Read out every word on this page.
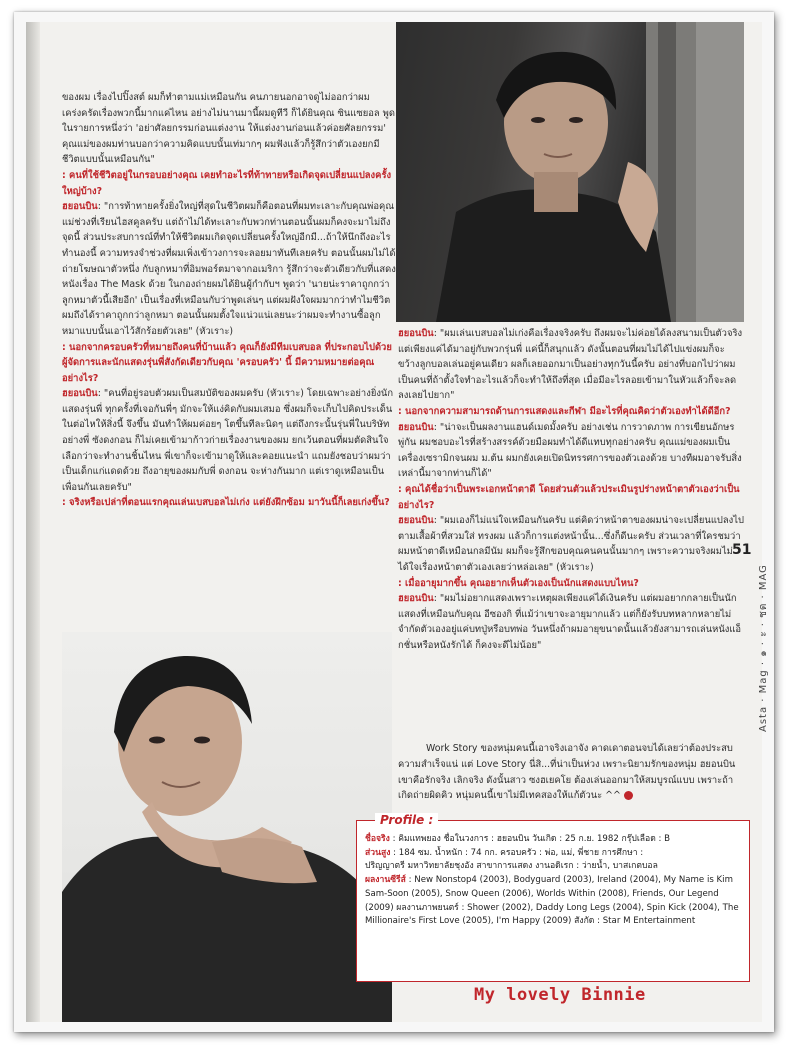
ของผม เรื่องไปปิ๊งสต์ ผมก็ทำตามแม่เหมือนกัน คนภายนอกอาจดูไม่ออกว่าผมเคร่งครัดเรื่องพวกนี้มากแค่ไหน อย่างไม่นานมานี้ผมดูทีวี ก็ได้ยินคุณ ซินแซยอล พูดในรายการหนึ่งว่า 'อย่าศัลยกรรมก่อนแต่งงาน ให้แต่งงานก่อนแล้วค่อยศัลยกรรม' คุณแม่ของผมท่านบอกว่าความคิดแบบนั้นเท่มากๆ ผมฟังแล้วก็รู้สึกว่าตัวเองยกมีชีวิตแบบนั้นเหมือนกัน"

: คนที่ใช้ชีวิตอยู่ในกรอบอย่างคุณ เคยทำอะไรที่ท้าทายหรือเกิดจุดเปลี่ยนแปลงครั้งใหญ่บ้าง?

ฮยอนบิน: "การท้าทายครั้งยิ่งใหญ่ที่สุดในชีวิตผมก็คือตอนที่ผมทะเลาะกับคุณพ่อคุณแม่ช่วงที่เรียนไฮสคูลครับ แต่ถ้าไม่ได้ทะเลาะกับพวกท่านตอนนั้นผมก็คงจะมาไม่ถึงจุดนี้ ส่วนประสบการณ์ที่ทำให้ชีวิตผมเกิดจุดเปลี่ยนครั้งใหญ่อีกมี...ถ้าให้นึกถึงอะไรทำนองนี้ ความทรงจำช่วงที่ผมเพิ่งเข้าวงการจะลอยมาทันทีเลยครับ ตอนนั้นผมไม่ได้ถ่ายโฆษณาตัวหนึ่ง กับลูกหมาที่อิมพอร์ตมาจากอเมริกา รู้สึกว่าจะตัวเดียวกับที่แสดงหนังเรื่อง The Mask ด้วย ในกองถ่ายผมได้ยินผู้กำกับฯ พูดว่า 'นายน่ะราคาถูกกว่าลูกหมาตัวนี้เสียอีก' เป็นเรื่องที่เหมือนกับว่าพูดเล่นๆ แต่ผมฝังใจผมมากว่าทำไมชีวิตผมถึงได้ราคาถูกกว่าลูกหมา ตอนนั้นผมตั้งใจแน่วแน่เลยนะว่าผมจะทำงานซื้อลูกหมาแบบนั้นเอาไว้สักร้อยตัวเลย" (หัวเราะ)

: นอกจากครอบครัวที่หมายถึงคนที่บ้านแล้ว คุณก็ยังมีทีมเบสบอล ที่ประกอบไปด้วยผู้จัดการและนักแสดงรุ่นพี่สังกัดเดียวกับคุณ 'ครอบครัว' นี้ มีความหมายต่อคุณอย่างไร?

ฮยอนบิน: "คนที่อยู่รอบตัวผมเป็นสมบัติของผมครับ (หัวเราะ) โดยเฉพาะอย่างยิ่งนักแสดงรุ่นพี่ ทุกครั้งที่เจอกันพี่ๆ มักจะให้แง่คิดกับผมเสมอ ซึ่งผมก็จะเก็บไปคิดประเด็นในต่อไหให้สิ่งนี้ จึงขึ้น มันทำให้ผมค่อยๆ โตขึ้นทีละนิดๆ แต่ถึงกระนั้นรุ่นพี่ในบริษัทอย่างพี่ ซังดงกอน ก็ไม่เคยเข้ามาก้าวก่ายเรื่องงานของผม ยกเว้นตอนที่ผมตัดสินใจเลือกว่าจะทำงานชิ้นไหน พี่เขาก็จะเข้ามาดูให้และคอยแนะนำ แถมยังชอบว่าผมว่าเป็นเด็กแก่แดดด้วย ถึงอายุของผมกับพี่ ดงกอน จะห่างกันมาก แต่เราดูเหมือนเป็นเพื่อนกันเลยครับ"

: จริงหรือเปล่าที่ตอนแรกคุณเล่นเบสบอลไม่เก่ง แต่ยังฝึกซ้อม มาวันนี้ก็เลยเก่งขึ้น?

ฮยอนบิน: "ผมเล่นเบสบอลไม่เก่งคือเรื่องจริงครับ ถึงผมจะไม่ค่อยได้ลงสนามเป็นตัวจริง แต่เพียงแค่ได้มาอยู่กับพวกรุ่นพี่ แค่นี้ก็สนุกแล้ว ดังนั้นตอนที่ผมไม่ได้ไปแข่งผมก็จะขว้างลูกบอลเล่นอยู่คนเดียว ผลก็เลยออกมาเป็นอย่างทุกวันนี้ครับ อย่างที่บอกไปว่าผมเป็นคนที่ถ้าตั้งใจทำอะไรแล้วก็จะทำให้ถึงที่สุด เมื่อมีอะไรลอยเข้ามาในหัวแล้วก็จะลดลงเลยไปยาก"

: นอกจากความสามารถด้านการแสดงและกีฬา มีอะไรที่คุณคิดว่าตัวเองทำได้ดีอีก?

ฮยอนบิน: "น่าจะเป็นผลงานแฮนด์เมดมั้งครับ อย่างเช่น การวาดภาพ การเขียนอักษรพู่กัน ผมชอบอะไรที่สร้างสรรค์ด้วยมือผมทำได้ดีแทบทุกอย่างครับ คุณแม่ของผมเป็นเครื่องเซรามิกจนผม ม.ต้น ผมกยังเคยเปิดนิทรรศการของตัวเองด้วย บางทีผมอาจรับสิ่งเหล่านี้มาจากท่านก็ได้"

: คุณได้ชื่อว่าเป็นพระเอกหน้าตาดี โดยส่วนตัวแล้วประเมินรูปร่างหน้าตาตัวเองว่าเป็นอย่างไร?

ฮยอนบิน: "ผมเองก็ไม่แน่ใจเหมือนกันครับ แต่คิดว่าหน้าตาของผมน่าจะเปลี่ยนแปลงไปตามเสื้อผ้าที่สวมใส่ ทรงผม แล้วก็การแต่งหน้านั้น...ซึ่งก็ดีนะครับ ส่วนเวลาที่ใครชมว่าผมหน้าตาดีเหมือนกลมีนัม ผมก็จะรู้สึกขอบคุณคนคนนั้นมากๆ เพราะความจริงผมไม่ได้ใจเรื่องหน้าตาตัวเองเลยว่าหล่อเลย" (หัวเราะ)

: เมื่ออายุมากขึ้น คุณอยากเห็นตัวเองเป็นนักแสดงแบบไหน?

ฮยอนบิน: "ผมไม่อยากแสดงเพราะเหตุผลเพียงแค่ได้เงินครับ แต่ผมอยากกลายเป็นนักแสดงที่เหมือนกับคุณ อีซองกิ ที่แม้ว่าเขาจะอายุมากแล้ว แต่ก็ยังรับบทหลากหลายไม่จำกัดตัวเองอยู่แค่บทปู่หรือบทพ่อ วันหนึ่งถ้าผมอายุขนาดนั้นแล้วยังสามารถเล่นหนังแอ็กชั่นหรือหนังรักได้ ก็คงจะดีไม่น้อย"	Asta · Mag · ๑ · ะ · ชด · MAG
51

Work Story ของหนุ่มคนนี้เอาจริงเอาจัง คาดเดาตอนจบได้เลยว่าต้องประสบความสำเร็จแน่ แต่ Love Story นี่สิ...ที่น่าเป็นห่วง เพราะนิยามรักของหนุ่ม ฮยอนบิน เขาคือรักจริง เลิกจริง ดังนั้นสาว ซงฮเยคโย ต้องเล่นออกมาให้สมบูรณ์แบบ เพราะถ้าเกิดถ่ายผิดคิว หนุ่มคนนี้เขาไม่มีเทคสองให้แก้ตัวนะ ^^

Profile :
ชื่อจริง : คิมแทพยอง ชื่อในวงการ : ฮยอนบิน วันเกิด : 25 ก.ย. 1982 กรุ๊ปเลือด : B
ส่วนสูง : 184 ซม. น้ำหนัก : 74 กก. ครอบครัว : พ่อ, แม่, พี่ชาย การศึกษา :
ปริญญาตรี มหาวิทยาลัยชุงอัง สาขาการแสดง งานอดิเรก : ว่ายน้ำ, บาสเกตบอล
ผลงานซีรีส์ : New Nonstop4 (2003), Bodyguard (2003), Ireland (2004), My Name is Kim Sam-Soon (2005), Snow Queen (2006), Worlds Within (2008), Friends, Our Legend (2009) ผลงานภาพยนตร์ : Shower (2002), Daddy Long Legs (2004), Spin Kick (2004), The Millionaire's First Love (2005), I'm Happy (2009) สังกัด : Star M Entertainment
My lovely Binnie
